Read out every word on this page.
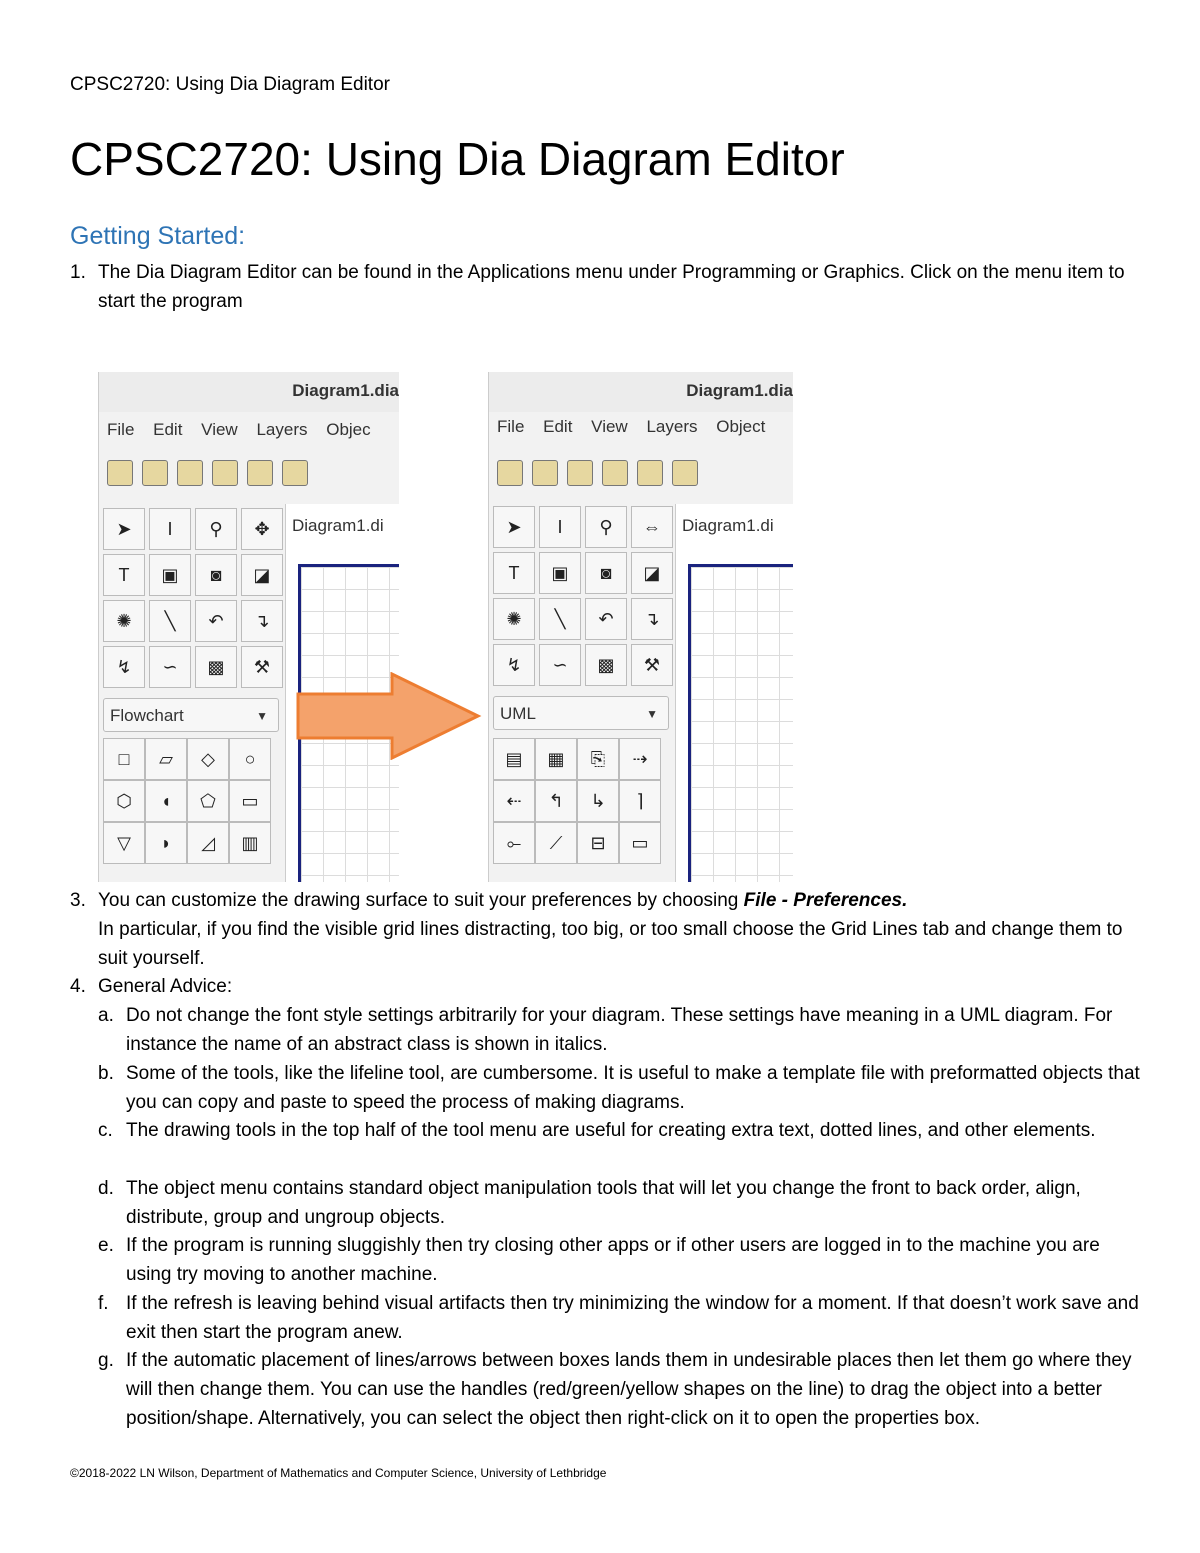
CPSC2720: Using Dia Diagram Editor
CPSC2720: Using Dia Diagram Editor
Getting Started:
1. The Dia Diagram Editor can be found in the Applications menu under Programming or Graphics. Click on the menu item to start the program
Diagram1.dia
File Edit View Layers Objec
➤	I	⚲	✥
T	▣	◙	◪
✺	╲	↶	↴
↯	∽	▩	⚒
Flowchart	▼
□	▱	◇	○
⬡	◖	⬠	▭
▽	◗	◿	▥
Diagram1.di
Diagram1.dia
File Edit View Layers Object
➤	I	⚲	⇔
T	▣	◙	◪
✺	╲	↶	↴
↯	∽	▩	⚒
UML	▼
▤	▦	⎘	⇢
⇠	↰	↳	⌉
⟜	⟋	⊟	▭
Diagram1.di
3. You can customize the drawing surface to suit your preferences by choosing File - Preferences.
In particular, if you find the visible grid lines distracting, too big, or too small choose the Grid Lines tab and change them to suit yourself.
4. General Advice:
a. Do not change the font style settings arbitrarily for your diagram. These settings have meaning in a UML diagram. For instance the name of an abstract class is shown in italics.
b. Some of the tools, like the lifeline tool, are cumbersome. It is useful to make a template file with preformatted objects that you can copy and paste to speed the process of making diagrams.
c. The drawing tools in the top half of the tool menu are useful for creating extra text, dotted lines, and other elements.
d. The object menu contains standard object manipulation tools that will let you change the front to back order, align, distribute, group and ungroup objects.
e. If the program is running sluggishly then try closing other apps or if other users are logged in to the machine you are using try moving to another machine.
f. If the refresh is leaving behind visual artifacts then try minimizing the window for a moment. If that doesn’t work save and exit then start the program anew.
g. If the automatic placement of lines/arrows between boxes lands them in undesirable places then let them go where they will then change them. You can use the handles (red/green/yellow shapes on the line) to drag the object into a better position/shape. Alternatively, you can select the object then right-click on it to open the properties box.
©2018-2022 LN Wilson, Department of Mathematics and Computer Science, University of Lethbridge
